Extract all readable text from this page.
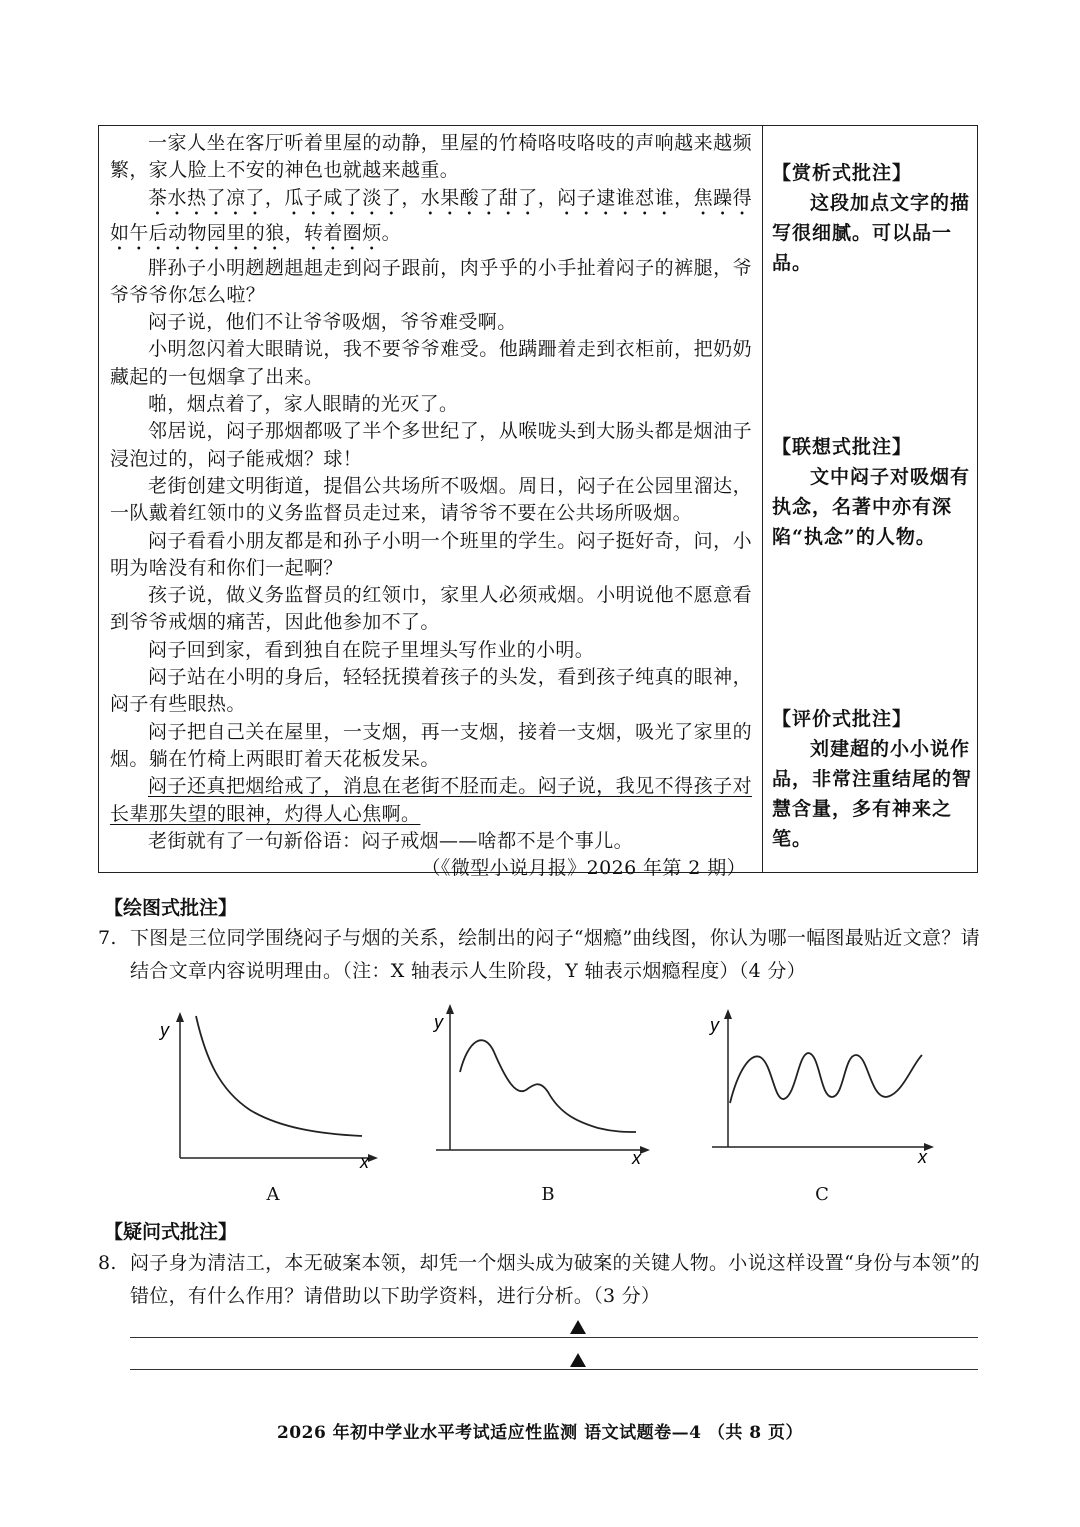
一家人坐在客厅听着里屋的动静，里屋的竹椅咯吱咯吱的声响越来越频繁，家人脸上不安的神色也就越来越重。

茶水热了凉了，瓜子咸了淡了，水果酸了甜了，闷子逮谁怼谁，焦躁得如午后动物园里的狼，转着圈烦。

胖孙子小明趔趔趄趄走到闷子跟前，肉乎乎的小手扯着闷子的裤腿，爷爷爷爷你怎么啦？

闷子说，他们不让爷爷吸烟，爷爷难受啊。

小明忽闪着大眼睛说，我不要爷爷难受。他蹒跚着走到衣柜前，把奶奶藏起的一包烟拿了出来。

啪，烟点着了，家人眼睛的光灭了。

邻居说，闷子那烟都吸了半个多世纪了，从喉咙头到大肠头都是烟油子浸泡过的，闷子能戒烟？球！

老街创建文明街道，提倡公共场所不吸烟。周日，闷子在公园里溜达，一队戴着红领巾的义务监督员走过来，请爷爷不要在公共场所吸烟。

闷子看看小朋友都是和孙子小明一个班里的学生。闷子挺好奇，问，小明为啥没有和你们一起啊？

孩子说，做义务监督员的红领巾，家里人必须戒烟。小明说他不愿意看到爷爷戒烟的痛苦，因此他参加不了。

闷子回到家，看到独自在院子里埋头写作业的小明。

闷子站在小明的身后，轻轻抚摸着孩子的头发，看到孩子纯真的眼神，闷子有些眼热。

闷子把自己关在屋里，一支烟，再一支烟，接着一支烟，吸光了家里的烟。躺在竹椅上两眼盯着天花板发呆。

闷子还真把烟给戒了，消息在老街不胫而走。闷子说，我见不得孩子对长辈那失望的眼神，灼得人心焦啊。

老街就有了一句新俗语：闷子戒烟——啥都不是个事儿。

（《微型小说月报》2026 年第 2 期）

【赏析式批注】
这段加点文字的描写很细腻。可以品一品。
【联想式批注】
文中闷子对吸烟有执念，名著中亦有深陷“执念”的人物。
【评价式批注】
刘建超的小小说作品，非常注重结尾的智慧含量，多有神来之笔。
【绘图式批注】
7. 下图是三位同学围绕闷子与烟的关系，绘制出的闷子“烟瘾”曲线图，你认为哪一幅图最贴近文意？请结合文章内容说明理由。（注：X 轴表示人生阶段，Y 轴表示烟瘾程度）（4 分）
y
x
A
y
x
B
y
x
C
【疑问式批注】
8. 闷子身为清洁工，本无破案本领，却凭一个烟头成为破案的关键人物。小说这样设置“身份与本领”的错位，有什么作用？请借助以下助学资料，进行分析。（3 分）
2026 年初中学业水平考试适应性监测 语文试题卷—4 （共 8 页）
